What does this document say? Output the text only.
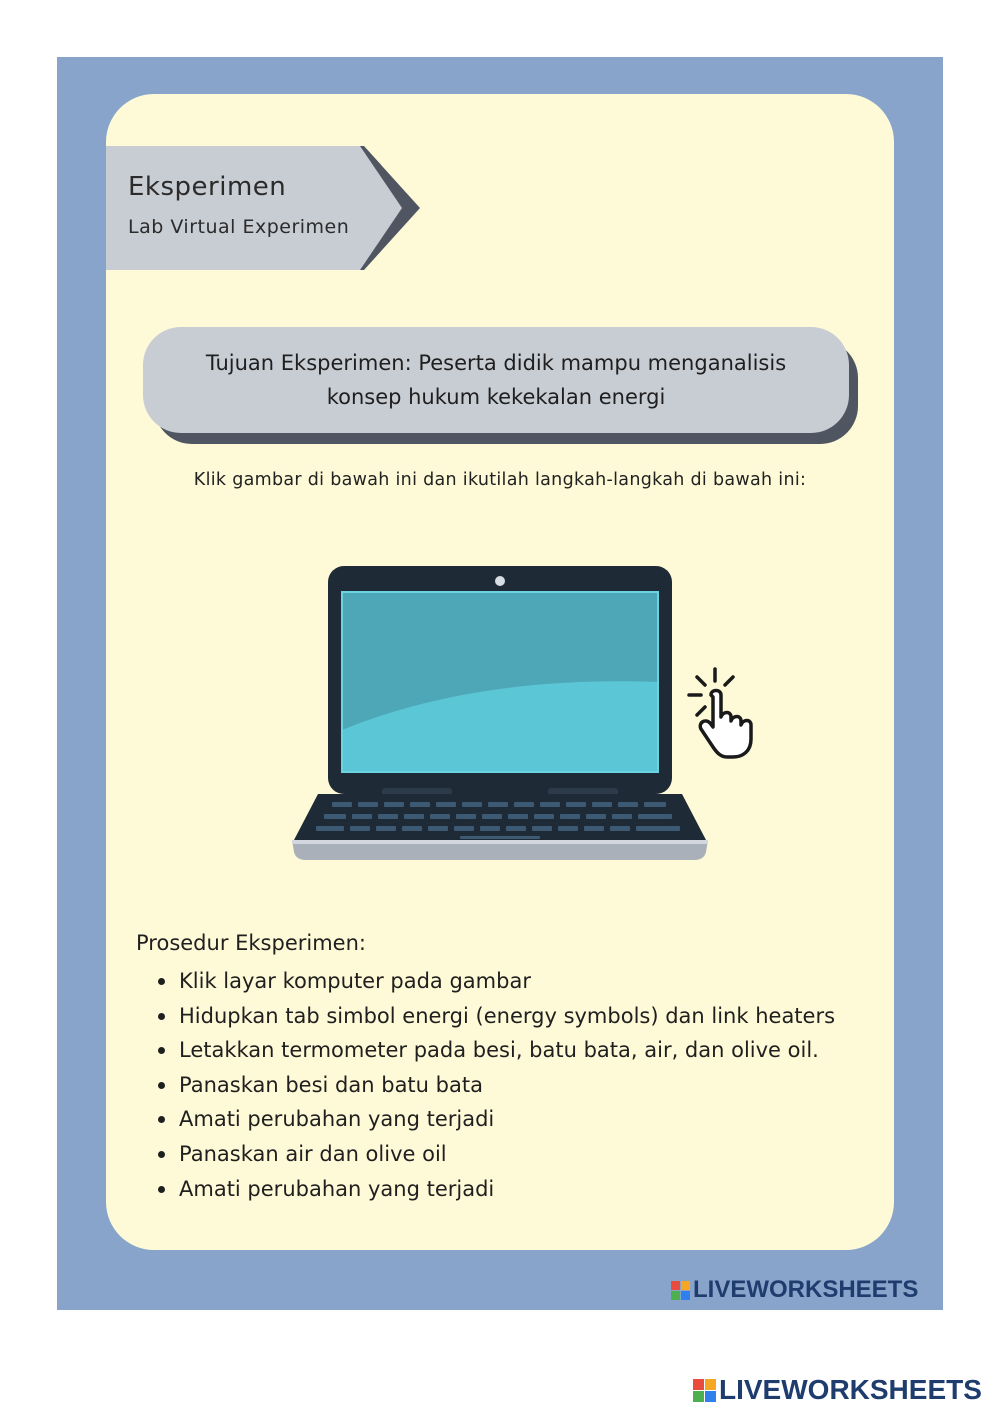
Eksperimen
Lab Virtual Experimen
Tujuan Eksperimen: Peserta didik mampu menganalisis
konsep hukum kekekalan energi
Klik gambar di bawah ini dan ikutilah langkah-langkah di bawah ini:
Prosedur Eksperimen:
Klik layar komputer pada gambar
Hidupkan tab simbol energi (energy symbols) dan link heaters
Letakkan termometer pada besi, batu bata, air, dan olive oil.
Panaskan besi dan batu bata
Amati perubahan yang terjadi
Panaskan air dan olive oil
Amati perubahan yang terjadi
LIVEWORKSHEETS
LIVEWORKSHEETS
